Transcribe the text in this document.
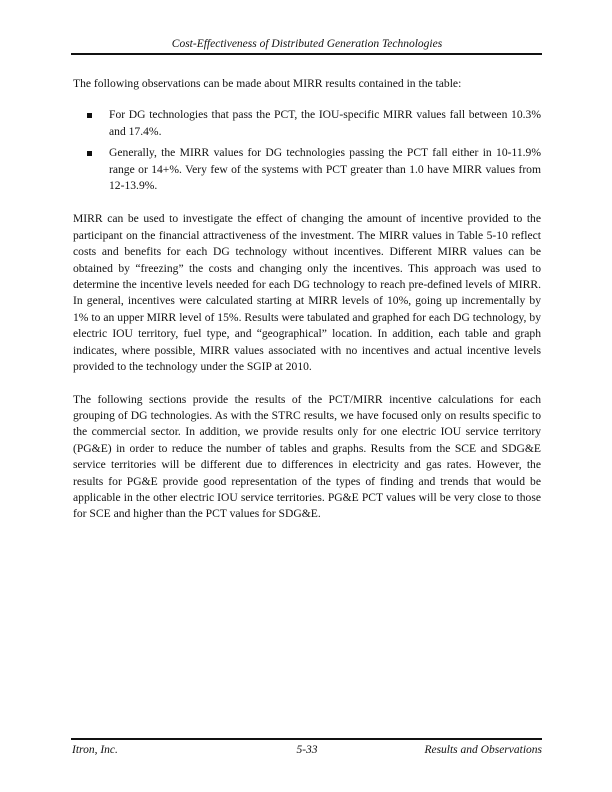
Cost-Effectiveness of Distributed Generation Technologies

The following observations can be made about MIRR results contained in the table:

For DG technologies that pass the PCT, the IOU-specific MIRR values fall between 10.3% and 17.4%.
Generally, the MIRR values for DG technologies passing the PCT fall either in 10-11.9% range or 14+%. Very few of the systems with PCT greater than 1.0 have MIRR values from 12-13.9%.

MIRR can be used to investigate the effect of changing the amount of incentive provided to the participant on the financial attractiveness of the investment. The MIRR values in Table 5-10 reflect costs and benefits for each DG technology without incentives. Different MIRR values can be obtained by “freezing” the costs and changing only the incentives. This approach was used to determine the incentive levels needed for each DG technology to reach pre-defined levels of MIRR. In general, incentives were calculated starting at MIRR levels of 10%, going up incrementally by 1% to an upper MIRR level of 15%. Results were tabulated and graphed for each DG technology, by electric IOU territory, fuel type, and “geographical” location. In addition, each table and graph indicates, where possible, MIRR values associated with no incentives and actual incentive levels provided to the technology under the SGIP at 2010.

The following sections provide the results of the PCT/MIRR incentive calculations for each grouping of DG technologies. As with the STRC results, we have focused only on results specific to the commercial sector. In addition, we provide results only for one electric IOU service territory (PG&E) in order to reduce the number of tables and graphs. Results from the SCE and SDG&E service territories will be different due to differences in electricity and gas rates. However, the results for PG&E provide good representation of the types of finding and trends that would be applicable in the other electric IOU service territories. PG&E PCT values will be very close to those for SCE and higher than the PCT values for SDG&E.

Itron, Inc.	5-33	Results and Observations
